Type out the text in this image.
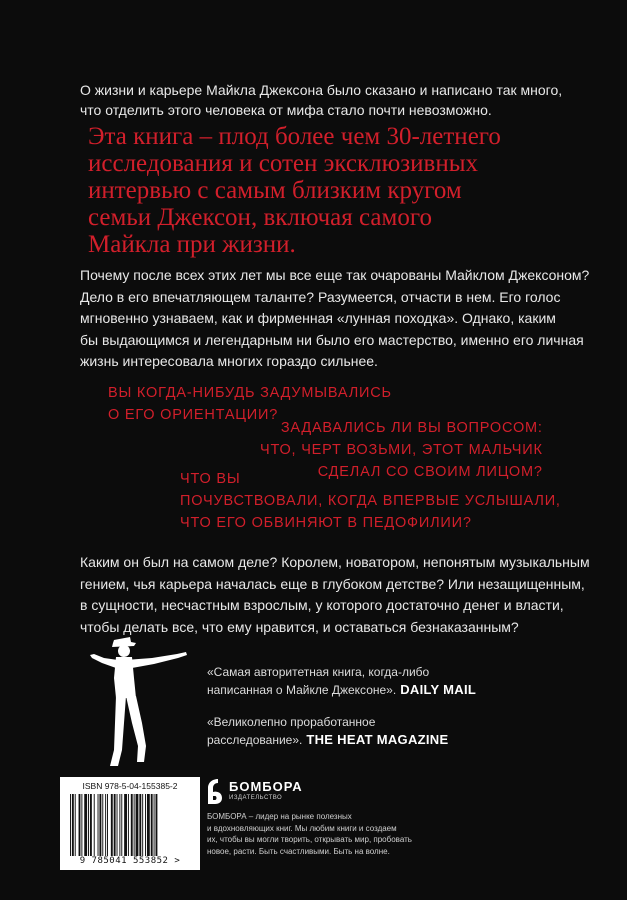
О жизни и карьере Майкла Джексона было сказано и написано так много,
что отделить этого человека от мифа стало почти невозможно.
Эта книга – плод более чем 30-летнего
исследования и сотен эксклюзивных
интервью с самым близким кругом
семьи Джексон, включая самого
Майкла при жизни.
Почему после всех этих лет мы все еще так очарованы Майклом Джексоном?
Дело в его впечатляющем таланте? Разумеется, отчасти в нем. Его голос
мгновенно узнаваем, как и фирменная «лунная походка». Однако, каким
бы выдающимся и легендарным ни было его мастерство, именно его личная
жизнь интересовала многих гораздо сильнее.
ВЫ КОГДА-НИБУДЬ ЗАДУМЫВАЛИСЬ
О ЕГО ОРИЕНТАЦИИ?
ЗАДАВАЛИСЬ ЛИ ВЫ ВОПРОСОМ:
ЧТО, ЧЕРТ ВОЗЬМИ, ЭТОТ МАЛЬЧИК
СДЕЛАЛ СО СВОИМ ЛИЦОМ?
ЧТО ВЫ
ПОЧУВСТВОВАЛИ, КОГДА ВПЕРВЫЕ УСЛЫШАЛИ,
ЧТО ЕГО ОБВИНЯЮТ В ПЕДОФИЛИИ?
Каким он был на самом деле? Королем, новатором, непонятым музыкальным
гением, чья карьера началась еще в глубоком детстве? Или незащищенным,
в сущности, несчастным взрослым, у которого достаточно денег и власти,
чтобы делать все, что ему нравится, и оставаться безнаказанным?
«Самая авторитетная книга, когда-либо
написанная о Майкле Джексоне». DAILY MAIL
«Великолепно проработанное
расследование». THE HEAT MAGAZINE
ISBN 978-5-04-155385-2
9 785041 553852 >
БОМБОРА
ИЗДАТЕЛЬСТВО
БОМБОРА – лидер на рынке полезных
и вдохновляющих книг. Мы любим книги и создаем
их, чтобы вы могли творить, открывать мир, пробовать
новое, расти. Быть счастливыми. Быть на волне.
